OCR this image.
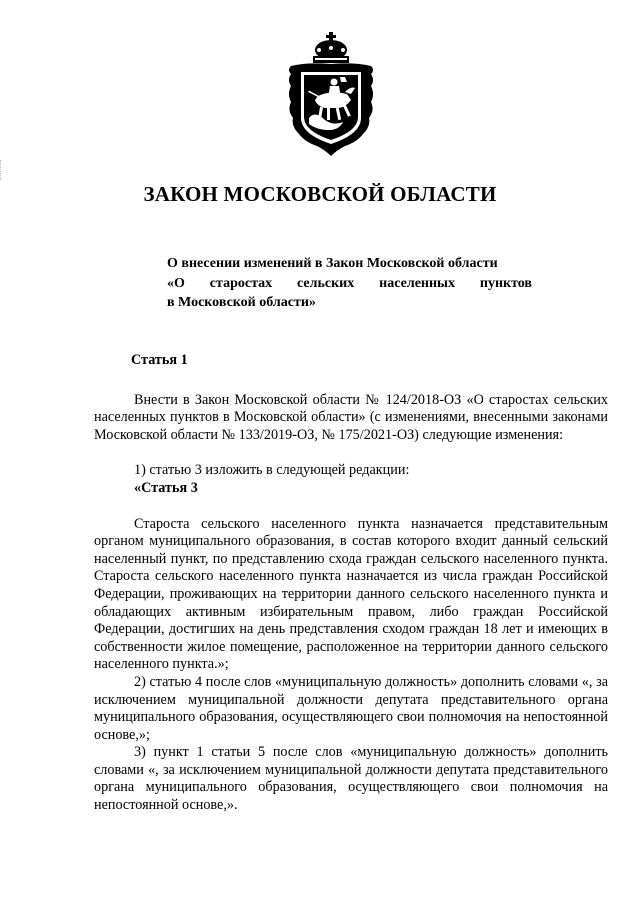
ЗАКОН МОСКОВСКОЙ ОБЛАСТИ
О внесении изменений в Закон Московской области
«О старостах сельских населенных пунктов
в Московской области»

Статья 1

Внести в Закон Московской области № 124/2018-ОЗ «О старостах сельских населенных пунктов в Московской области» (с изменениями, внесенными законами Московской области № 133/2019-ОЗ, № 175/2021-ОЗ) следующие изменения:

1) статью 3 изложить в следующей редакции:

«Статья 3

Староста сельского населенного пункта назначается представительным органом муниципального образования, в состав которого входит данный сельский населенный пункт, по представлению схода граждан сельского населенного пункта. Староста сельского населенного пункта назначается из числа граждан Российской Федерации, проживающих на территории данного сельского населенного пункта и обладающих активным избирательным правом, либо граждан Российской Федерации, достигших на день представления сходом граждан 18 лет и имеющих в собственности жилое помещение, расположенное на территории данного сельского населенного пункта.»;

2) статью 4 после слов «муниципальную должность» дополнить словами «, за исключением муниципальной должности депутата представительного органа муниципального образования, осуществляющего свои полномочия на непостоянной основе,»;

3) пункт 1 статьи 5 после слов «муниципальную должность» дополнить словами «, за исключением муниципальной должности депутата представительного органа муниципального образования, осуществляющего свои полномочия на непостоянной основе,».
